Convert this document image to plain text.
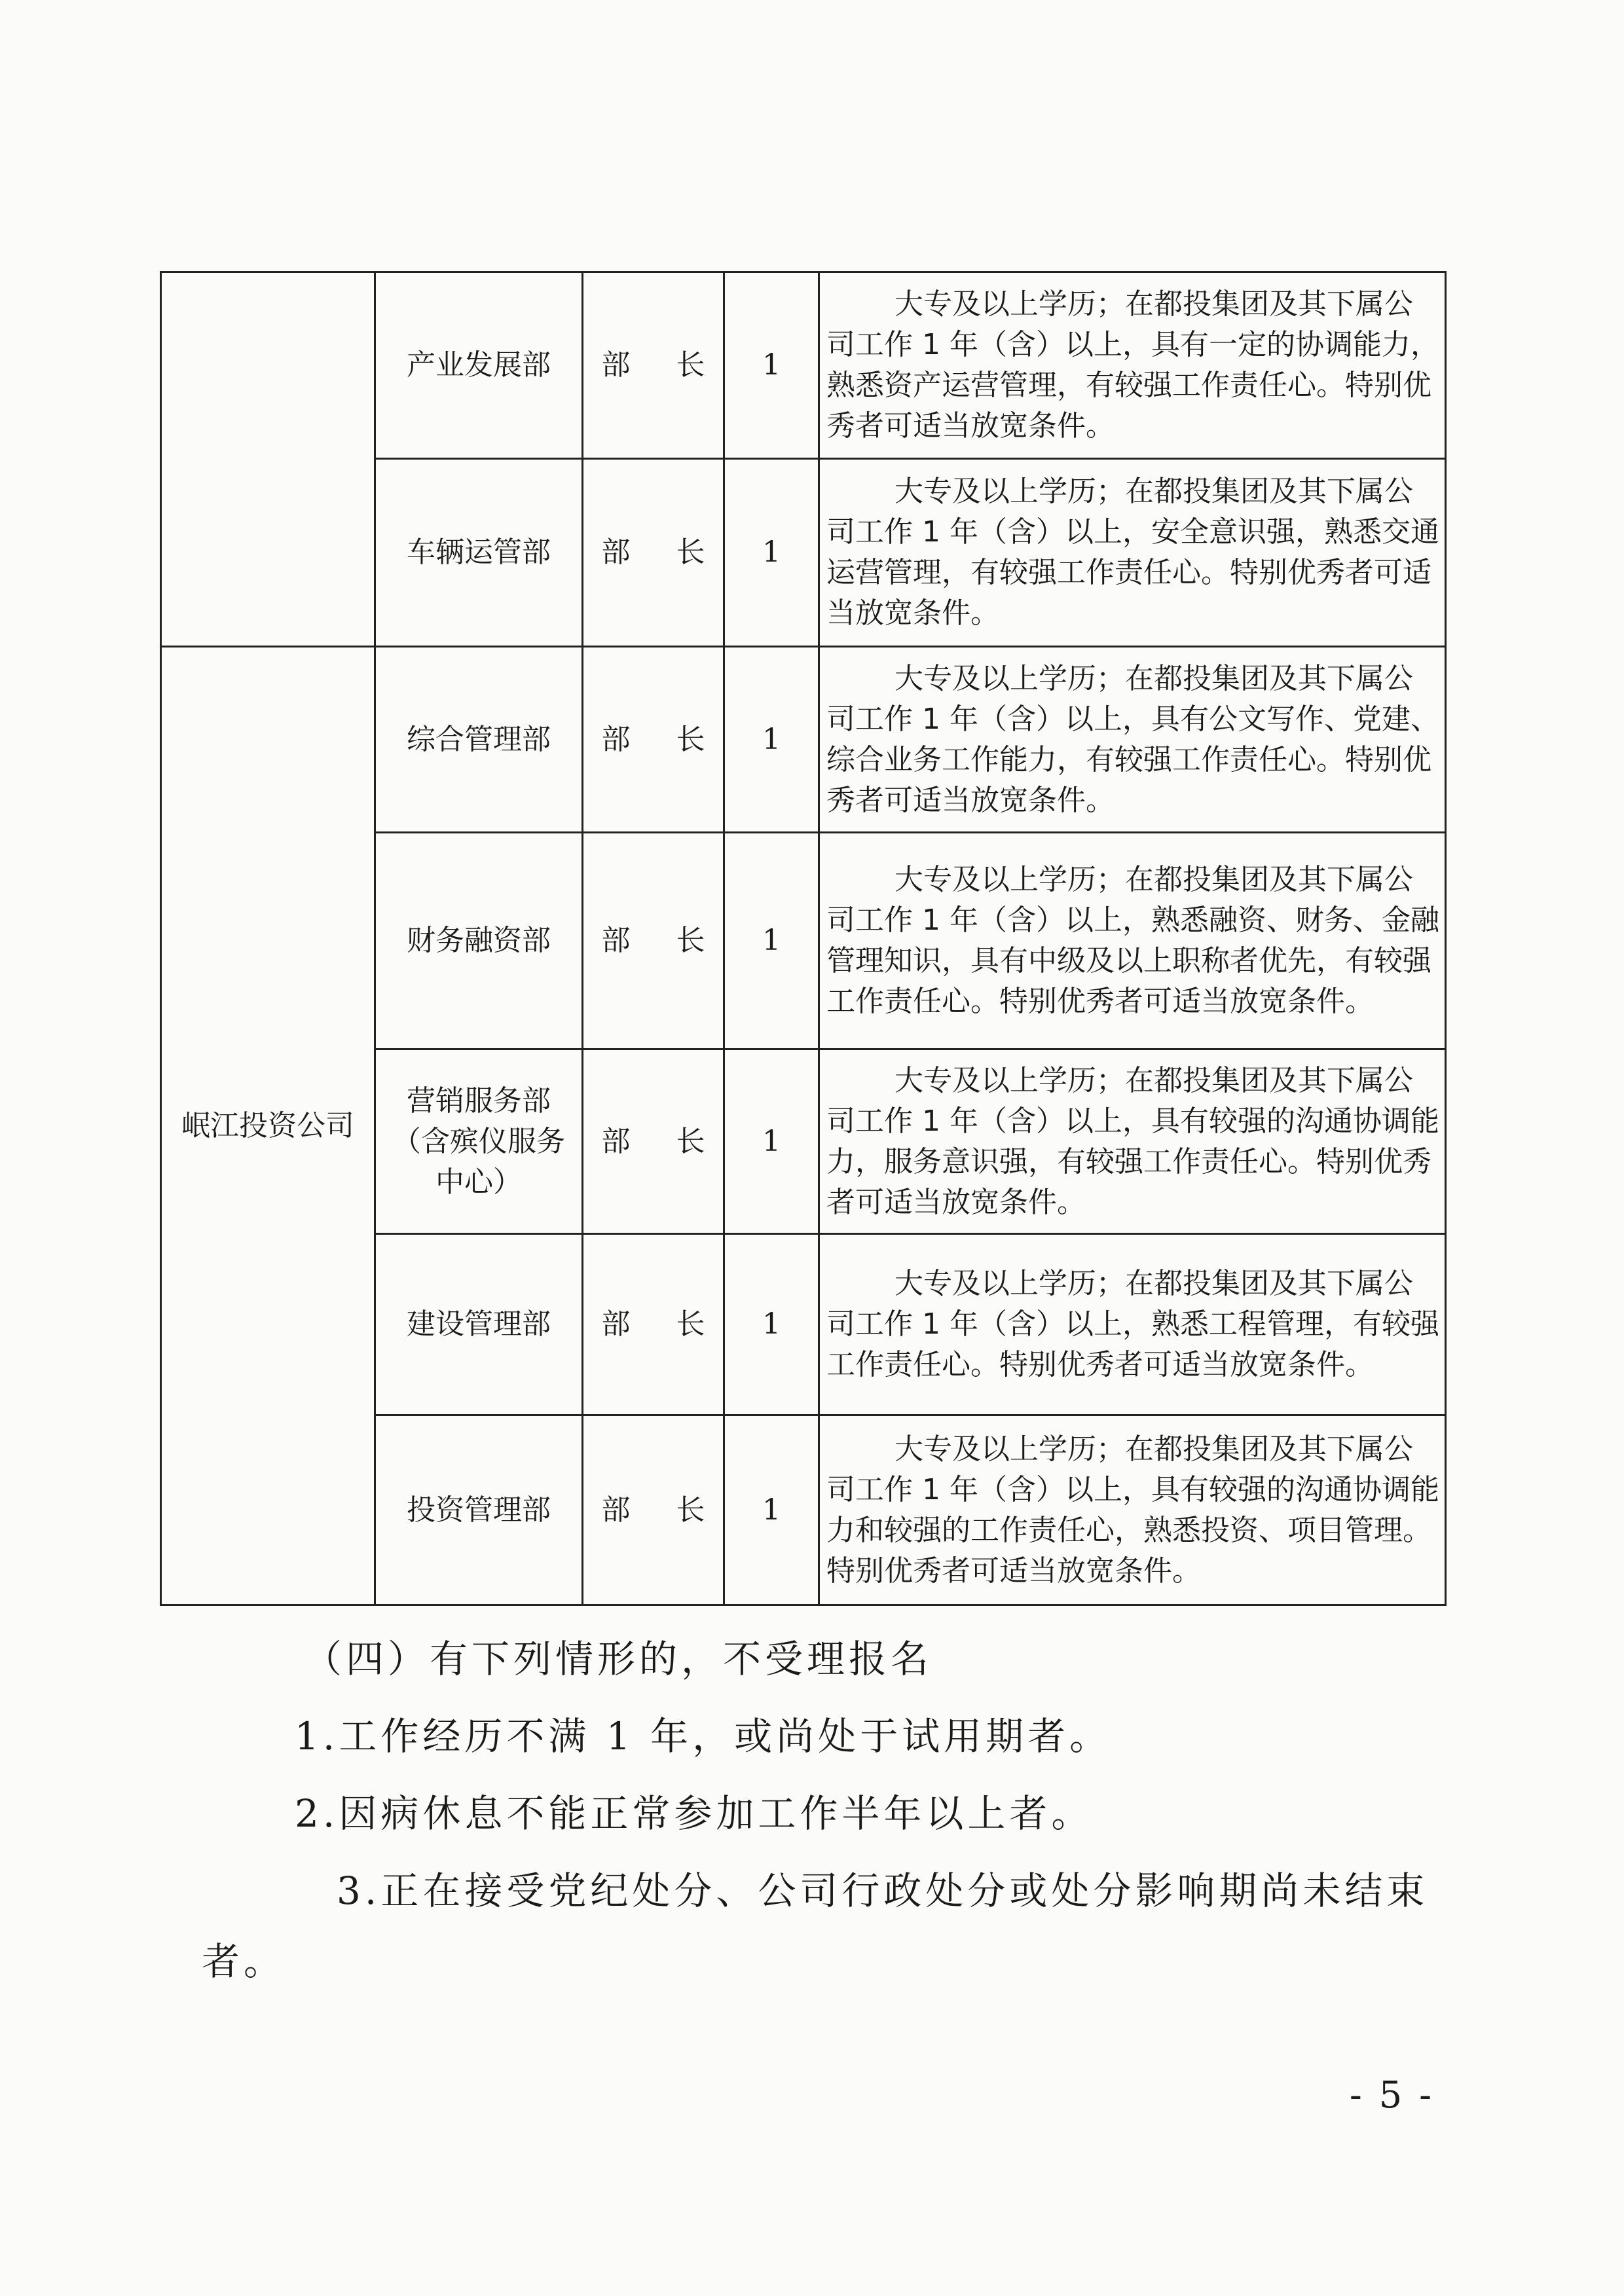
	产业发展部	部 长	1	大专及以上学历；在都投集团及其下属公司工作 1 年（含）以上，具有一定的协调能力，熟悉资产运营管理，有较强工作责任心。特别优秀者可适当放宽条件。
	车辆运管部	部 长	1	大专及以上学历；在都投集团及其下属公司工作 1 年（含）以上，安全意识强，熟悉交通运营管理，有较强工作责任心。特别优秀者可适当放宽条件。
岷江投资公司	综合管理部	部 长	1	大专及以上学历；在都投集团及其下属公司工作 1 年（含）以上，具有公文写作、党建、综合业务工作能力，有较强工作责任心。特别优秀者可适当放宽条件。
	财务融资部	部 长	1	大专及以上学历；在都投集团及其下属公司工作 1 年（含）以上，熟悉融资、财务、金融管理知识，具有中级及以上职称者优先，有较强工作责任心。特别优秀者可适当放宽条件。
	营销服务部（含殡仪服务中心）	部 长	1	大专及以上学历；在都投集团及其下属公司工作 1 年（含）以上，具有较强的沟通协调能力，服务意识强，有较强工作责任心。特别优秀者可适当放宽条件。
	建设管理部	部 长	1	大专及以上学历；在都投集团及其下属公司工作 1 年（含）以上，熟悉工程管理，有较强工作责任心。特别优秀者可适当放宽条件。
	投资管理部	部 长	1	大专及以上学历；在都投集团及其下属公司工作 1 年（含）以上，具有较强的沟通协调能力和较强的工作责任心，熟悉投资、项目管理。特别优秀者可适当放宽条件。
（四）有下列情形的，不受理报名
1.工作经历不满 1 年，或尚处于试用期者。
2.因病休息不能正常参加工作半年以上者。
3.正在接受党纪处分、公司行政处分或处分影响期尚未结束者。
- 5 -
